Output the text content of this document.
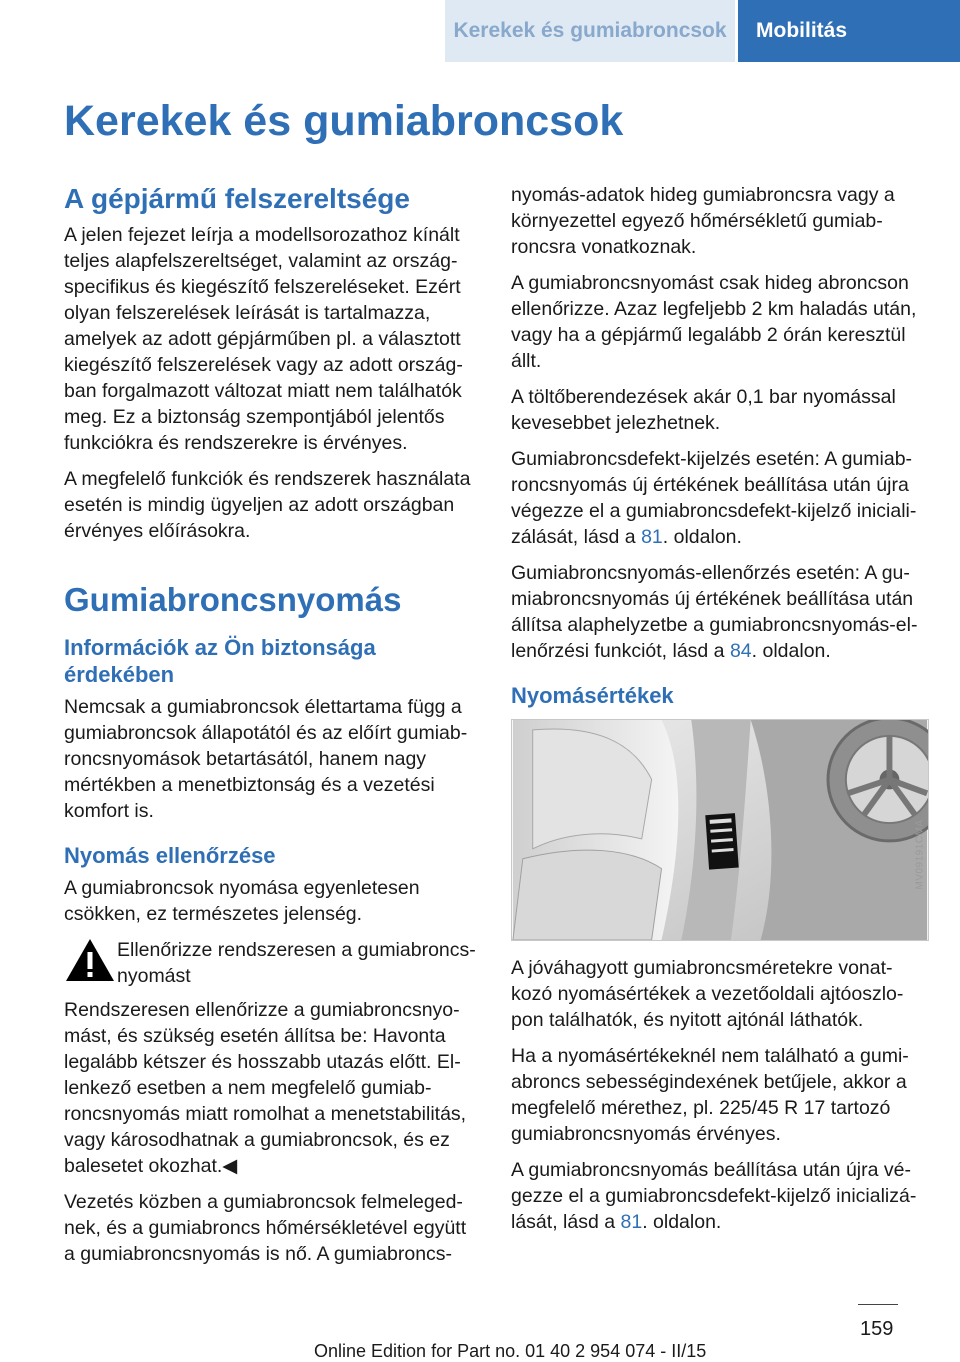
Kerekek és gumiabroncsok	Mobilitás
Kerekek és gumiabroncsok
A gépjármű felszereltsége

A jelen fejezet leírja a modellsorozathoz kínált teljes alapfelszereltséget, valamint az ország-specifikus és kiegészítő felszereléseket. Ezért olyan felszerelések leírását is tartalmazza, amelyek az adott gépjárműben pl. a választott kiegészítő felszerelések vagy az adott ország-ban forgalmazott változat miatt nem találhatók meg. Ez a biztonság szempontjából jelentős funkciókra és rendszerekre is érvényes.

A megfelelő funkciók és rendszerek használata esetén is mindig ügyeljen az adott országban érvényes előírásokra.

Gumiabroncsnyomás
Információk az Ön biztonsága érdekében

Nemcsak a gumiabroncsok élettartama függ a gumiabroncsok állapotától és az előírt gumiab-roncsnyomások betartásától, hanem nagy mértékben a menetbiztonság és a vezetési komfort is.

Nyomás ellenőrzése

A gumiabroncsok nyomása egyenletesen csökken, ez természetes jelenség.

Ellenőrizze rendszeresen a gumiabroncs-nyomást

Rendszeresen ellenőrizze a gumiabroncsnyo-mást, és szükség esetén állítsa be: Havonta legalább kétszer és hosszabb utazás előtt. El-lenkező esetben a nem megfelelő gumiab-roncsnyomás miatt romolhat a menetstabilitás, vagy károsodhatnak a gumiabroncsok, és ez balesetet okozhat.◀

Vezetés közben a gumiabroncsok felmeleged-nek, és a gumiabroncs hőmérsékletével együtt a gumiabroncsnyomás is nő. A gumiabroncs-

nyomás-adatok hideg gumiabroncsra vagy a környezettel egyező hőmérsékletű gumiab-roncsra vonatkoznak.

A gumiabroncsnyomást csak hideg abroncson ellenőrizze. Azaz legfeljebb 2 km haladás után, vagy ha a gépjármű legalább 2 órán keresztül állt.

A töltőberendezések akár 0,1 bar nyomással kevesebbet jelezhetnek.

Gumiabroncsdefekt-kijelzés esetén: A gumiab-roncsnyomás új értékének beállítása után újra végezze el a gumiabroncsdefekt-kijelző iniciali-zálását, lásd a 81. oldalon.

Gumiabroncsnyomás-ellenőrzés esetén: A gu-miabroncsnyomás új értékének beállítása után állítsa alaphelyzetbe a gumiabroncsnyomás-el-lenőrzési funkciót, lásd a 84. oldalon.

Nyomásértékek
MV09191CMA

A jóváhagyott gumiabroncsméretekre vonat-kozó nyomásértékek a vezetőoldali ajtóoszlo-pon találhatók, és nyitott ajtónál láthatók.

Ha a nyomásértékeknél nem található a gumi-abroncs sebességindexének betűjele, akkor a megfelelő mérethez, pl. 225/45 R 17 tartozó gumiabroncsnyomás érvényes.

A gumiabroncsnyomás beállítása után újra vé-gezze el a gumiabroncsdefekt-kijelző inicializá-lását, lásd a 81. oldalon.

159
Online Edition for Part no. 01 40 2 954 074 - II/15
